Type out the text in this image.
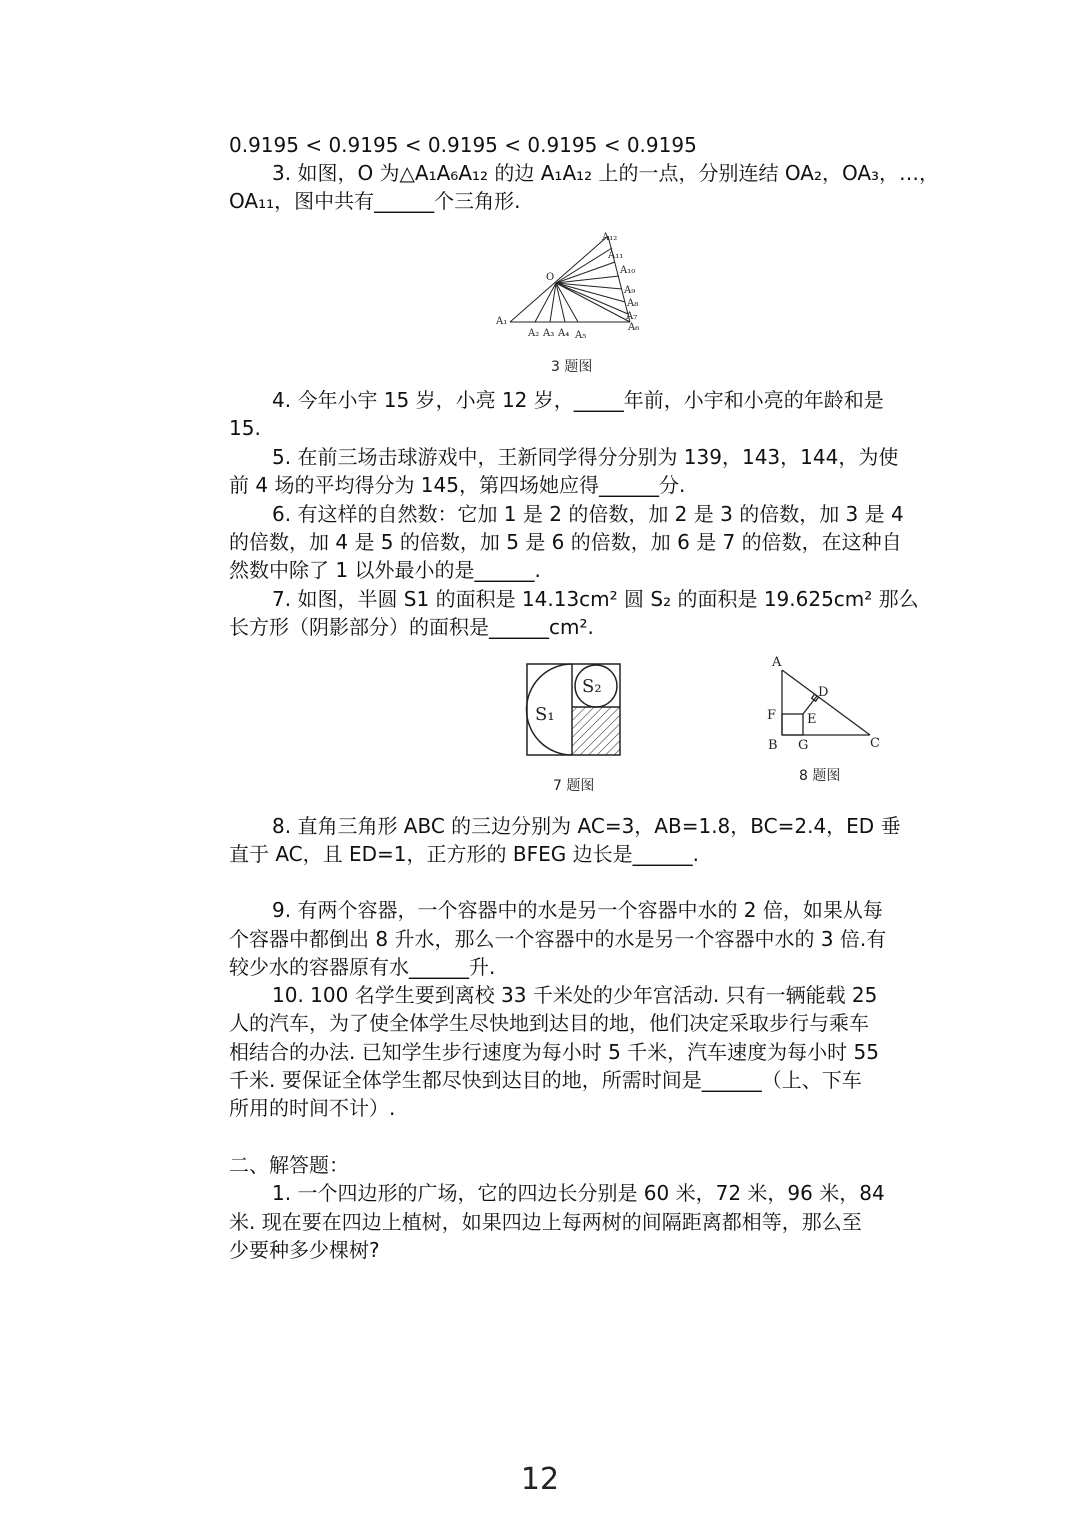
0.9195 < 0.9195 < 0.9195 < 0.9195 < 0.9195
3. 如图，O 为△A₁A₆A₁₂ 的边 A₁A₁₂ 上的一点，分别连结 OA₂，OA₃，…，
OA₁₁，图中共有______个三角形.
O
A₁
A₂ A₃ A₄ A₅
A₆
A₇
A₈
A₉
A₁₀
A₁₁
A₁₂
3 题图
4. 今年小宇 15 岁，小亮 12 岁，_____年前，小宇和小亮的年龄和是
15.
5. 在前三场击球游戏中，王新同学得分分别为 139，143，144，为使
前 4 场的平均得分为 145，第四场她应得______分.
6. 有这样的自然数：它加 1 是 2 的倍数，加 2 是 3 的倍数，加 3 是 4
的倍数，加 4 是 5 的倍数，加 5 是 6 的倍数，加 6 是 7 的倍数，在这种自
然数中除了 1 以外最小的是______.
7. 如图，半圆 S1 的面积是 14.13cm² 圆 S₂ 的面积是 19.625cm² 那么
长方形（阴影部分）的面积是______cm².
S₁
S₂
7 题图
A
B	C
D
E
F
G
8 题图
8. 直角三角形 ABC 的三边分别为 AC=3，AB=1.8，BC=2.4，ED 垂
直于 AC，且 ED=1，正方形的 BFEG 边长是______.
9. 有两个容器，一个容器中的水是另一个容器中水的 2 倍，如果从每
个容器中都倒出 8 升水，那么一个容器中的水是另一个容器中水的 3 倍.有
较少水的容器原有水______升.
10. 100 名学生要到离校 33 千米处的少年宫活动. 只有一辆能载 25
人的汽车，为了使全体学生尽快地到达目的地，他们决定采取步行与乘车
相结合的办法. 已知学生步行速度为每小时 5 千米，汽车速度为每小时 55
千米. 要保证全体学生都尽快到达目的地，所需时间是______（上、下车
所用的时间不计）.
二、解答题：
1. 一个四边形的广场，它的四边长分别是 60 米，72 米，96 米，84
米. 现在要在四边上植树，如果四边上每两树的间隔距离都相等，那么至
少要种多少棵树?
12
